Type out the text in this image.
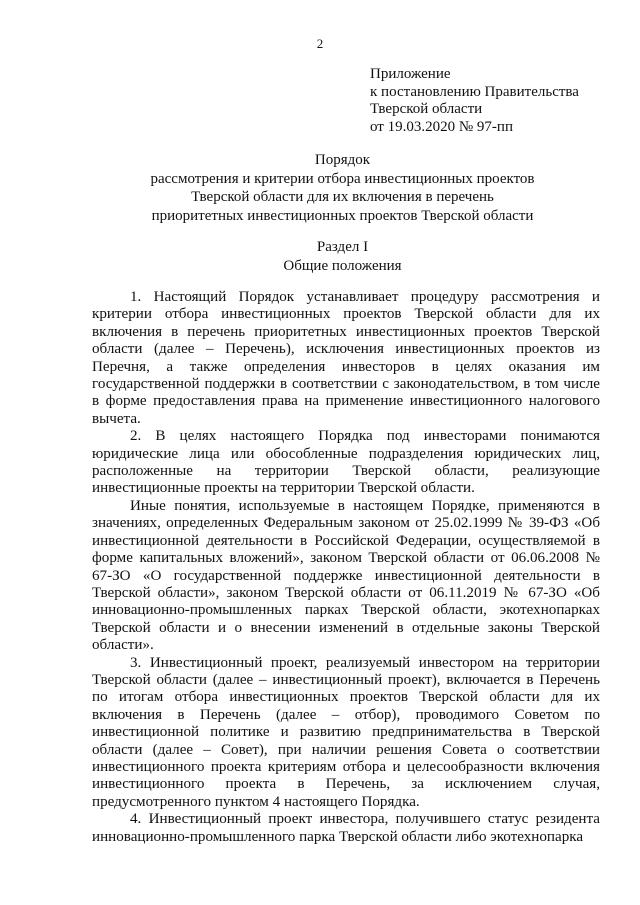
2
Приложение
к постановлению Правительства
Тверской области
от 19.03.2020 № 97-пп
Порядок
рассмотрения и критерии отбора инвестиционных проектов
Тверской области для их включения в перечень
приоритетных инвестиционных проектов Тверской области
Раздел I
Общие положения

1. Настоящий Порядок устанавливает процедуру рассмотрения и критерии отбора инвестиционных проектов Тверской области для их включения в перечень приоритетных инвестиционных проектов Тверской области (далее – Перечень), исключения инвестиционных проектов из Перечня, а также определения инвесторов в целях оказания им государственной поддержки в соответствии с законодательством, в том числе в форме предоставления права на применение инвестиционного налогового вычета.

2. В целях настоящего Порядка под инвесторами понимаются юридические лица или обособленные подразделения юридических лиц, расположенные на территории Тверской области, реализующие инвестиционные проекты на территории Тверской области.

Иные понятия, используемые в настоящем Порядке, применяются в значениях, определенных Федеральным законом от 25.02.1999 № 39-ФЗ «Об инвестиционной деятельности в Российской Федерации, осуществляемой в форме капитальных вложений», законом Тверской области от 06.06.2008 № 67-ЗО «О государственной поддержке инвестиционной деятельности в Тверской области», законом Тверской области от 06.11.2019 № 67-ЗО «Об инновационно-промышленных парках Тверской области, экотехнопарках Тверской области и о внесении изменений в отдельные законы Тверской области».

3. Инвестиционный проект, реализуемый инвестором на территории Тверской области (далее – инвестиционный проект), включается в Перечень по итогам отбора инвестиционных проектов Тверской области для их включения в Перечень (далее – отбор), проводимого Советом по инвестиционной политике и развитию предпринимательства в Тверской области (далее – Совет), при наличии решения Совета о соответствии инвестиционного проекта критериям отбора и целесообразности включения инвестиционного проекта в Перечень, за исключением случая, предусмотренного пунктом 4 настоящего Порядка.

4. Инвестиционный проект инвестора, получившего статус резидента инновационно-промышленного парка Тверской области либо экотехнопарка
